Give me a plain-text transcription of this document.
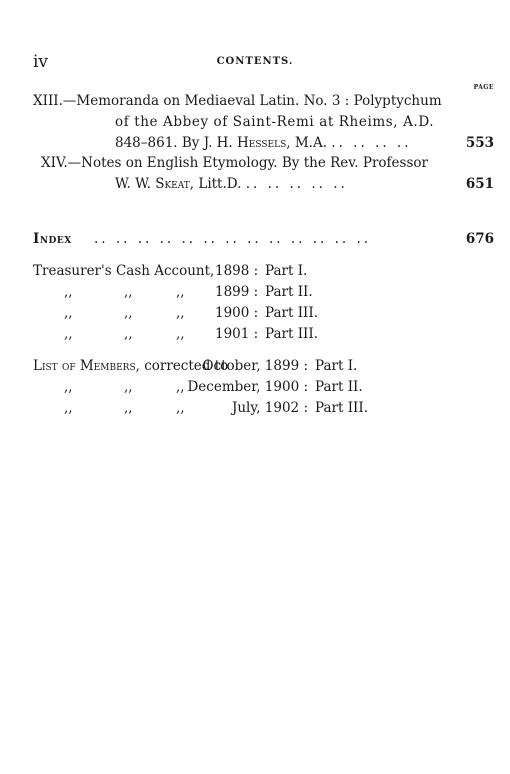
iv	CONTENTS.
PAGE
XIII.—Memoranda on Mediaeval Latin. No. 3 : Polyptychum
of the Abbey of Saint-Remi at Rheims, A.D.
848–861. By J. H. Hessels, M.A. .. .. .. ..	553
XIV.—Notes on English Etymology. By the Rev. Professor
W. W. Skeat, Litt.D. .. .. .. .. ..	651
Index .. .. .. .. .. .. .. .. .. .. .. .. ..	676
Treasurer's Cash Account, 1898 : Part I.
,,	,,	,, 1899 : Part II.
,,	,,	,, 1900 : Part III.
,,	,,	,, 1901 : Part III.
List of Members, corrected to
October, 1899 : Part I.
,,	,,	,, December, 1900 : Part II.
,,	,,	,,	July, 1902 : Part III.
